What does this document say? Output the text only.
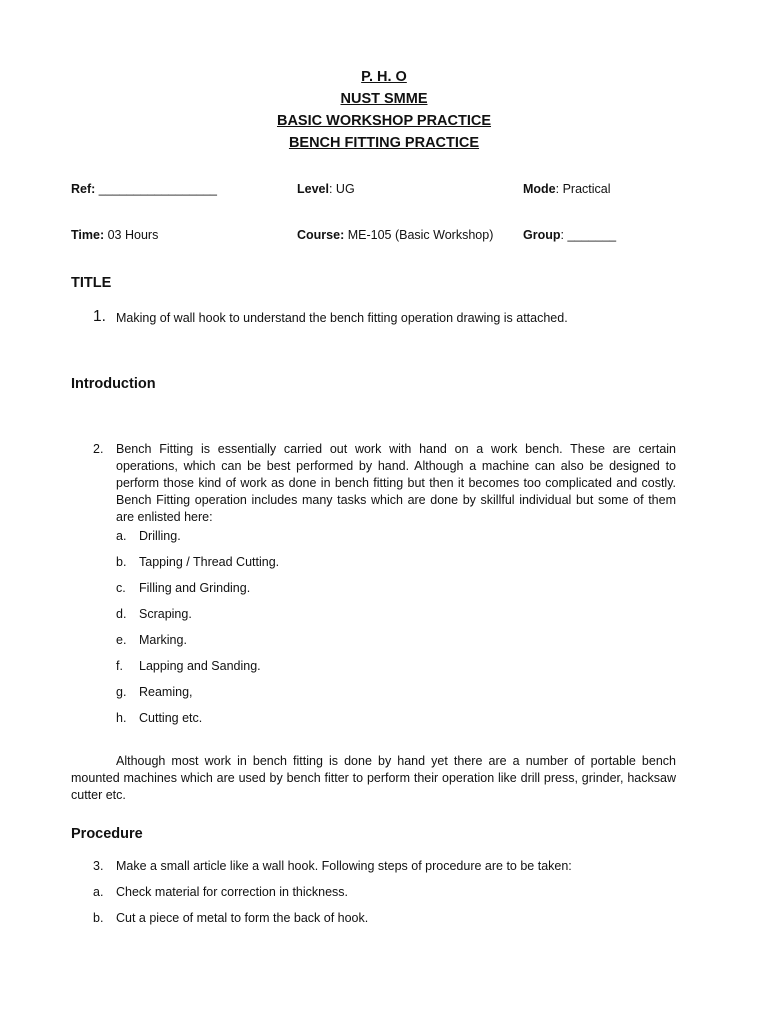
P. H. O
NUST SMME
BASIC WORKSHOP PRACTICE
BENCH FITTING PRACTICE
Ref: _________________	Level: UG	Mode: Practical
Time: 03 Hours	Course: ME-105 (Basic Workshop) Group: _______
TITLE
1. Making of wall hook to understand the bench fitting operation drawing is attached.
Introduction
2. Bench Fitting is essentially carried out work with hand on a work bench. These are certain operations, which can be best performed by hand. Although a machine can also be designed to perform those kind of work as done in bench fitting but then it becomes too complicated and costly. Bench Fitting operation includes many tasks which are done by skillful individual but some of them are enlisted here:
a. Drilling.
b. Tapping / Thread Cutting.
c. Filling and Grinding.
d. Scraping.
e. Marking.
f. Lapping and Sanding.
g. Reaming,
h. Cutting etc.
Although most work in bench fitting is done by hand yet there are a number of portable bench mounted machines which are used by bench fitter to perform their operation like drill press, grinder, hacksaw cutter etc.
Procedure
3. Make a small article like a wall hook. Following steps of procedure are to be taken:
a. Check material for correction in thickness.
b. Cut a piece of metal to form the back of hook.
